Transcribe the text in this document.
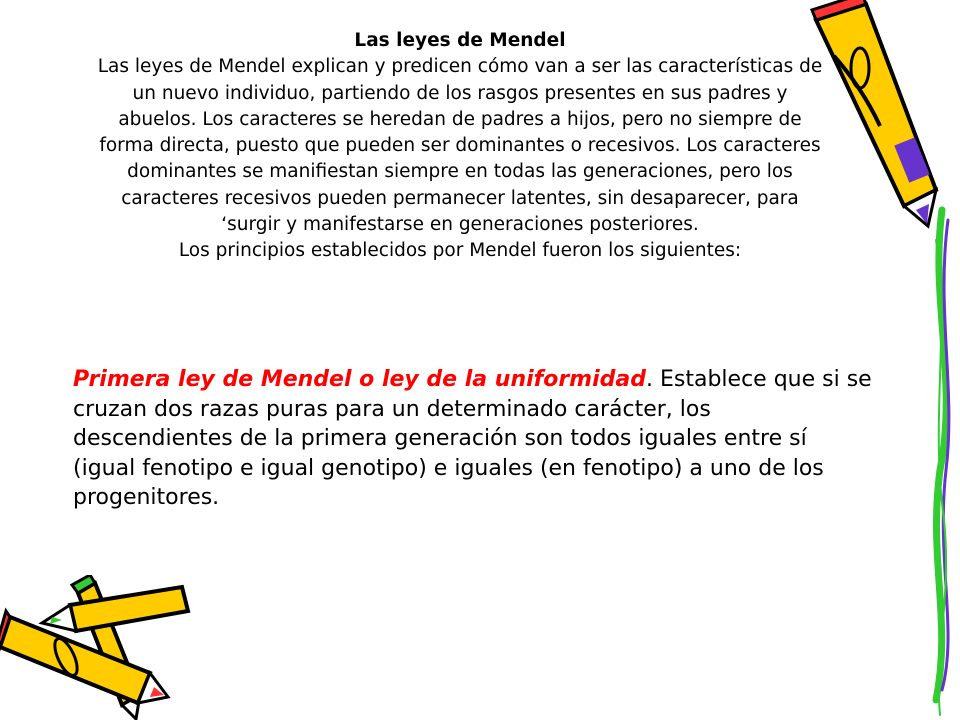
Las leyes de Mendel
Las leyes de Mendel explican y predicen cómo van a ser las características de un nuevo individuo, partiendo de los rasgos presentes en sus padres y abuelos. Los caracteres se heredan de padres a hijos, pero no siempre de forma directa, puesto que pueden ser dominantes o recesivos. Los caracteres dominantes se manifiestan siempre en todas las generaciones, pero los caracteres recesivos pueden permanecer latentes, sin desaparecer, para ‘surgir y manifestarse en generaciones posteriores.
Los principios establecidos por Mendel fueron los siguientes:
Primera ley de Mendel o ley de la uniformidad. Establece que si se cruzan dos razas puras para un determinado carácter, los descendientes de la primera generación son todos iguales entre sí (igual fenotipo e igual genotipo) e iguales (en fenotipo) a uno de los progenitores.
